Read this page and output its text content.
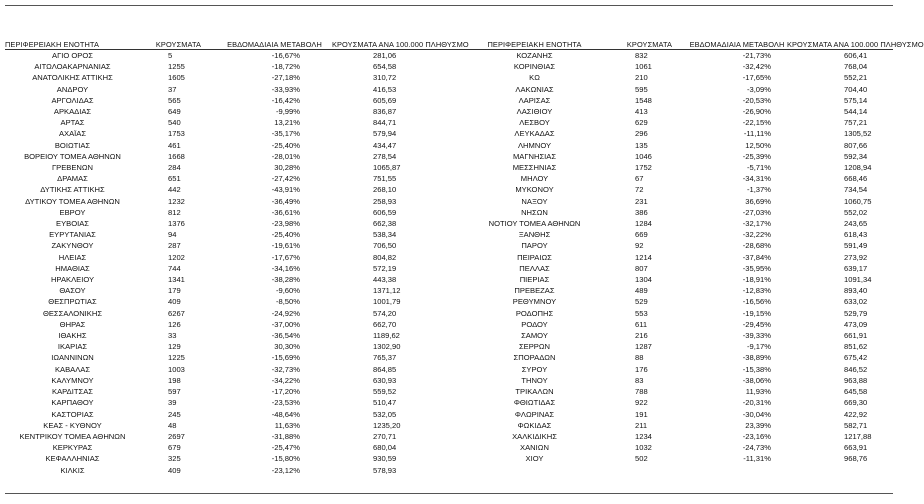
ΠΕΡΙΦΕΡΕΙΑΚΗ ΕΝΟΤΗΤΑ	ΚΡΟΥΣΜΑΤΑ	ΕΒΔΟΜΑΔΙΑΙΑ ΜΕΤΑΒΟΛΗ	ΚΡΟΥΣΜΑΤΑ ΑΝΑ 100.000 ΠΛΗΘΥΣΜΟ	ΠΕΡΙΦΕΡΕΙΑΚΗ ΕΝΟΤΗΤΑ	ΚΡΟΥΣΜΑΤΑ	ΕΒΔΟΜΑΔΙΑΙΑ ΜΕΤΑΒΟΛΗ	ΚΡΟΥΣΜΑΤΑ ΑΝΑ 100.000 ΠΛΗΘΥΣΜΟ
ΑΓΙΟ ΟΡΟΣ	5	-16,67%	281,06	ΚΟΖΑΝΗΣ	832	-21,73%	606,41
ΑΙΤΩΛΟΑΚΑΡΝΑΝΙΑΣ	1255	-18,72%	654,58	ΚΟΡΙΝΘΙΑΣ	1061	-32,42%	768,04
ΑΝΑΤΟΛΙΚΗΣ ΑΤΤΙΚΗΣ	1605	-27,18%	310,72	ΚΩ	210	-17,65%	552,21
ΑΝΔΡΟΥ	37	-33,93%	416,53	ΛΑΚΩΝΙΑΣ	595	-3,09%	704,40
ΑΡΓΟΛΙΔΑΣ	565	-16,42%	605,69	ΛΑΡΙΣΑΣ	1548	-20,53%	575,14
ΑΡΚΑΔΙΑΣ	649	-9,99%	836,87	ΛΑΣΙΘΙΟΥ	413	-26,90%	544,14
ΑΡΤΑΣ	540	13,21%	844,71	ΛΕΣΒΟΥ	629	-22,15%	757,21
ΑΧΑΪΑΣ	1753	-35,17%	579,94	ΛΕΥΚΑΔΑΣ	296	-11,11%	1305,52
ΒΟΙΩΤΙΑΣ	461	-25,40%	434,47	ΛΗΜΝΟΥ	135	12,50%	807,66
ΒΟΡΕΙΟΥ ΤΟΜΕΑ ΑΘΗΝΩΝ	1668	-28,01%	278,54	ΜΑΓΝΗΣΙΑΣ	1046	-25,39%	592,34
ΓΡΕΒΕΝΩΝ	284	30,28%	1065,87	ΜΕΣΣΗΝΙΑΣ	1752	-5,71%	1208,94
ΔΡΑΜΑΣ	651	-27,42%	751,55	ΜΗΛΟΥ	67	-34,31%	668,46
ΔΥΤΙΚΗΣ ΑΤΤΙΚΗΣ	442	-43,91%	268,10	ΜΥΚΟΝΟΥ	72	-1,37%	734,54
ΔΥΤΙΚΟΥ ΤΟΜΕΑ ΑΘΗΝΩΝ	1232	-36,49%	258,93	ΝΑΞΟΥ	231	36,69%	1060,75
ΕΒΡΟΥ	812	-36,61%	606,59	ΝΗΣΩΝ	386	-27,03%	552,02
ΕΥΒΟΙΑΣ	1376	-23,98%	662,38	ΝΟΤΙΟΥ ΤΟΜΕΑ ΑΘΗΝΩΝ	1284	-32,17%	243,65
ΕΥΡΥΤΑΝΙΑΣ	94	-25,40%	538,34	ΞΑΝΘΗΣ	669	-32,22%	618,43
ΖΑΚΥΝΘΟΥ	287	-19,61%	706,50	ΠΑΡΟΥ	92	-28,68%	591,49
ΗΛΕΙΑΣ	1202	-17,67%	804,82	ΠΕΙΡΑΙΩΣ	1214	-37,84%	273,92
ΗΜΑΘΙΑΣ	744	-34,16%	572,19	ΠΕΛΛΑΣ	807	-35,95%	639,17
ΗΡΑΚΛΕΙΟΥ	1341	-38,28%	443,38	ΠΙΕΡΙΑΣ	1304	-18,91%	1091,34
ΘΑΣΟΥ	179	-9,60%	1371,12	ΠΡΕΒΕΖΑΣ	489	-12,83%	893,40
ΘΕΣΠΡΩΤΙΑΣ	409	-8,50%	1001,79	ΡΕΘΥΜΝΟΥ	529	-16,56%	633,02
ΘΕΣΣΑΛΟΝΙΚΗΣ	6267	-24,92%	574,20	ΡΟΔΟΠΗΣ	553	-19,15%	529,79
ΘΗΡΑΣ	126	-37,00%	662,70	ΡΟΔΟΥ	611	-29,45%	473,09
ΙΘΑΚΗΣ	33	-36,54%	1189,62	ΣΑΜΟΥ	216	-39,33%	661,91
ΙΚΑΡΙΑΣ	129	30,30%	1302,90	ΣΕΡΡΩΝ	1287	-9,17%	851,62
ΙΩΑΝΝΙΝΩΝ	1225	-15,69%	765,37	ΣΠΟΡΑΔΩΝ	88	-38,89%	675,42
ΚΑΒΑΛΑΣ	1003	-32,73%	864,85	ΣΥΡΟΥ	176	-15,38%	846,52
ΚΑΛΥΜΝΟΥ	198	-34,22%	630,93	ΤΗΝΟΥ	83	-38,06%	963,88
ΚΑΡΔΙΤΣΑΣ	597	-17,20%	559,52	ΤΡΙΚΑΛΩΝ	788	11,93%	645,58
ΚΑΡΠΑΘΟΥ	39	-23,53%	510,47	ΦΘΙΩΤΙΔΑΣ	922	-20,31%	669,30
ΚΑΣΤΟΡΙΑΣ	245	-48,64%	532,05	ΦΛΩΡΙΝΑΣ	191	-30,04%	422,92
ΚΕΑΣ - ΚΥΘΝΟΥ	48	11,63%	1235,20	ΦΩΚΙΔΑΣ	211	23,39%	582,71
ΚΕΝΤΡΙΚΟΥ ΤΟΜΕΑ ΑΘΗΝΩΝ	2697	-31,88%	270,71	ΧΑΛΚΙΔΙΚΗΣ	1234	-23,16%	1217,88
ΚΕΡΚΥΡΑΣ	679	-25,47%	680,04	ΧΑΝΙΩΝ	1032	-24,73%	663,91
ΚΕΦΑΛΛΗΝΙΑΣ	325	-15,80%	930,59	ΧΙΟΥ	502	-11,31%	968,76
ΚΙΛΚΙΣ	409	-23,12%	578,93				
